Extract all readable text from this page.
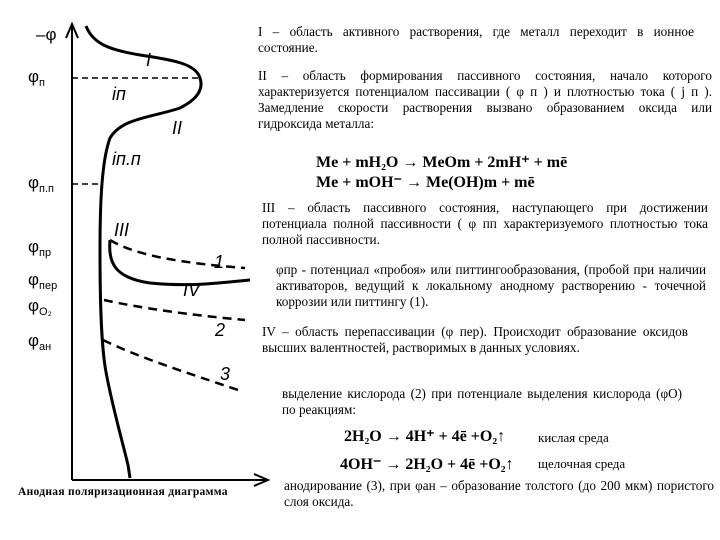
–φ
$\varphi_п$
$\varphi_{п.п}$
$\varphi_{пр}$
$\varphi_{пер}$
$\varphi_{O_2}$
$\varphi_{ан}$
I
II
III
IV
iп
iп.п
1
2
3
I – область активного растворения, где металл переходит в ионное состояние.
II – область формирования пассивного состояния, начало которого характеризуется потенциалом пассивации ( φ п ) и плотностью тока ( j п ). Замедление скорости растворения вызвано образованием оксида или гидроксида металла:
Me + mH₂O → MeOm + 2mH⁺ + mē
Me + mOH⁻ → Me(OH)m + mē
III – область пассивного состояния, наступающего при достижении потенциала полной пассивности ( φ пп характеризуемого плотностью тока полной пассивности.
φпр - потенциал «пробоя» или питтингообразования, (пробой при наличии активаторов, ведущий к локальному анодному растворению - точечной коррозии или питтингу (1).
IV – область перепассивации (φ пер). Происходит образование оксидов высших валентностей, растворимых в данных условиях.
выделение кислорода (2) при потенциале выделения кислорода (φO) по реакциям:
2H₂O → 4H⁺ + 4ē +O₂↑	кислая среда
4OH⁻ → 2H₂O + 4ē +O₂↑ щелочная среда
анодирование (3), при φан – образование толстого (до 200 мкм) пористого слоя оксида.
Анодная поляризационная диаграмма
